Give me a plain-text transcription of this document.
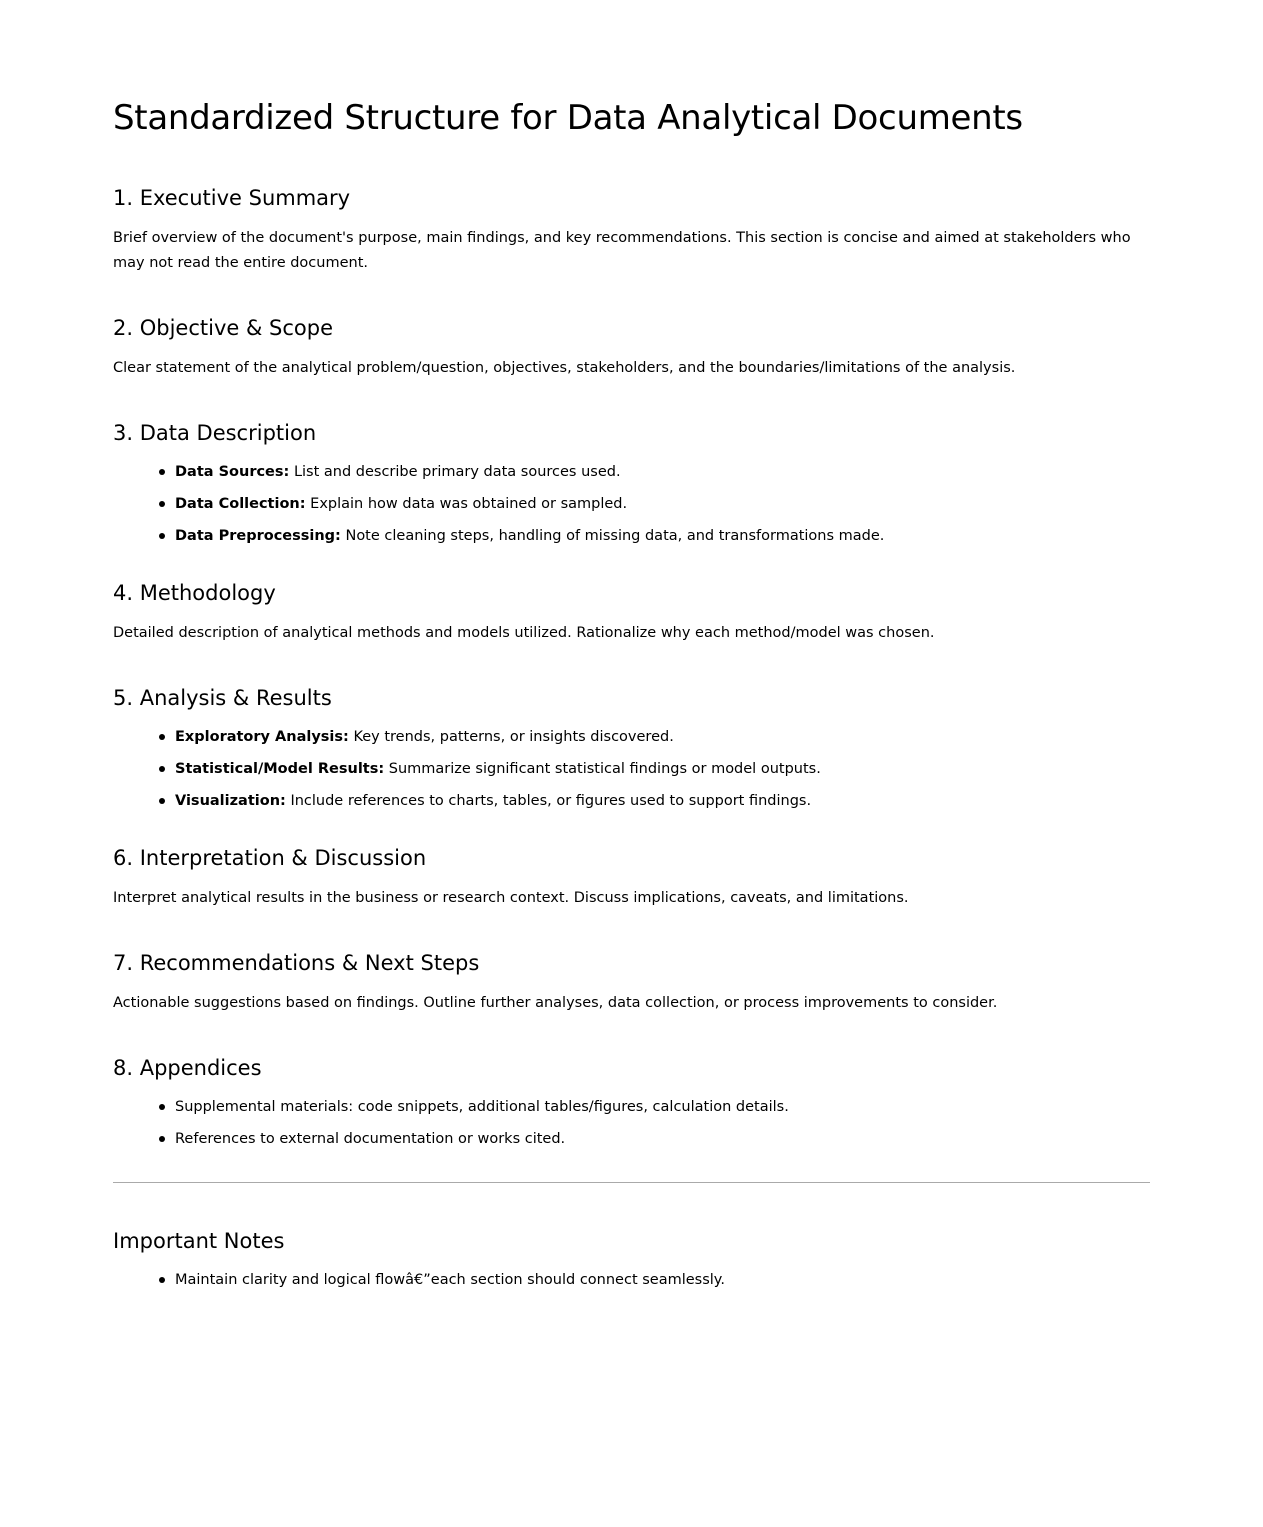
Standardized Structure for Data Analytical Documents
1. Executive Summary

Brief overview of the document's purpose, main findings, and key recommendations. This section is concise and aimed at stakeholders who may not read the entire document.

2. Objective & Scope

Clear statement of the analytical problem/question, objectives, stakeholders, and the boundaries/limitations of the analysis.

3. Data Description
Data Sources: List and describe primary data sources used.
Data Collection: Explain how data was obtained or sampled.
Data Preprocessing: Note cleaning steps, handling of missing data, and transformations made.
4. Methodology

Detailed description of analytical methods and models utilized. Rationalize why each method/model was chosen.

5. Analysis & Results
Exploratory Analysis: Key trends, patterns, or insights discovered.
Statistical/Model Results: Summarize significant statistical findings or model outputs.
Visualization: Include references to charts, tables, or figures used to support findings.
6. Interpretation & Discussion

Interpret analytical results in the business or research context. Discuss implications, caveats, and limitations.

7. Recommendations & Next Steps

Actionable suggestions based on findings. Outline further analyses, data collection, or process improvements to consider.

8. Appendices
Supplemental materials: code snippets, additional tables/figures, calculation details.
References to external documentation or works cited.
Important Notes
Maintain clarity and logical flowâ€”each section should connect seamlessly.
